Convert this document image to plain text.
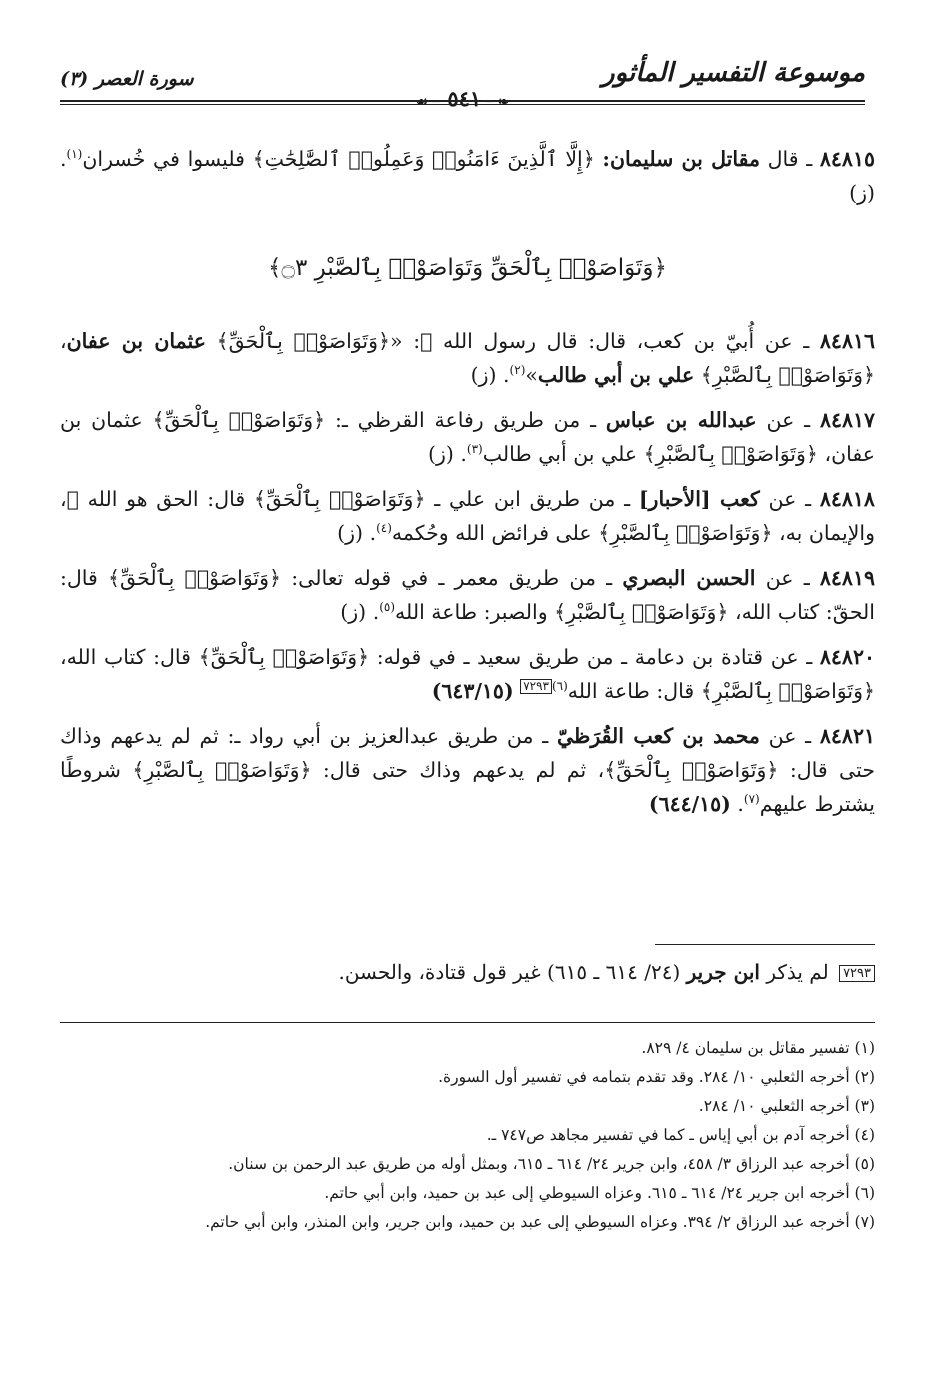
موسوعة التفسير المأثور
❧ ─ ٥٤١ ─ ☙
سورة العصر (٣)

٨٤٨١٥ ـ قال مقاتل بن سليمان: ﴿إِلَّا ٱلَّذِينَ ءَامَنُوا۟ وَعَمِلُوا۟ ٱلصَّٰلِحَٰتِ﴾ فليسوا في خُسران$^{(١)}$. (ز)

﴿وَتَوَاصَوْا۟ بِٱلْحَقِّ وَتَوَاصَوْا۟ بِٱلصَّبْرِ ۝٣﴾

٨٤٨١٦ ـ عن أُبيّ بن كعب، قال: قال رسول الله ﷺ: «﴿وَتَوَاصَوْا۟ بِٱلْحَقِّ﴾ عثمان بن عفان، ﴿وَتَوَاصَوْا۟ بِٱلصَّبْرِ﴾ علي بن أبي طالب»$^{(٢)}$. (ز)

٨٤٨١٧ ـ عن عبدالله بن عباس ـ من طريق رفاعة القرظي ـ: ﴿وَتَوَاصَوْا۟ بِٱلْحَقِّ﴾ عثمان بن عفان، ﴿وَتَوَاصَوْا۟ بِٱلصَّبْرِ﴾ علي بن أبي طالب$^{(٣)}$. (ز)

٨٤٨١٨ ـ عن كعب [الأحبار] ـ من طريق ابن علي ـ ﴿وَتَوَاصَوْا۟ بِٱلْحَقِّ﴾ قال: الحق هو الله ﷻ، والإيمان به، ﴿وَتَوَاصَوْا۟ بِٱلصَّبْرِ﴾ على فرائض الله وحُكمه$^{(٤)}$. (ز)

٨٤٨١٩ ـ عن الحسن البصري ـ من طريق معمر ـ في قوله تعالى: ﴿وَتَوَاصَوْا۟ بِٱلْحَقِّ﴾ قال: الحقّ: كتاب الله، ﴿وَتَوَاصَوْا۟ بِٱلصَّبْرِ﴾ والصبر: طاعة الله$^{(٥)}$. (ز)

٨٤٨٢٠ ـ عن قتادة بن دعامة ـ من طريق سعيد ـ في قوله: ﴿وَتَوَاصَوْا۟ بِٱلْحَقِّ﴾ قال: كتاب الله، ﴿وَتَوَاصَوْا۟ بِٱلصَّبْرِ﴾ قال: طاعة الله$^{(٦)}$٧٢٩٣ (٦٤٣/١٥)

٨٤٨٢١ ـ عن محمد بن كعب القُرَظيّ ـ من طريق عبدالعزيز بن أبي رواد ـ: ثم لم يدعهم وذاك حتى قال: ﴿وَتَوَاصَوْا۟ بِٱلْحَقِّ﴾، ثم لم يدعهم وذاك حتى قال: ﴿وَتَوَاصَوْا۟ بِٱلصَّبْرِ﴾ شروطًا يشترط عليهم$^{(٧)}$. (٦٤٤/١٥)

٧٢٩٣ لم يذكر ابن جرير (٢٤/ ٦١٤ ـ ٦١٥) غير قول قتادة، والحسن.

(١) تفسير مقاتل بن سليمان ٤/ ٨٢٩.

(٢) أخرجه الثعلبي ١٠/ ٢٨٤. وقد تقدم بتمامه في تفسير أول السورة.

(٣) أخرجه الثعلبي ١٠/ ٢٨٤.

(٤) أخرجه آدم بن أبي إياس ـ كما في تفسير مجاهد ص٧٤٧ ـ.

(٥) أخرجه عبد الرزاق ٣/ ٤٥٨، وابن جرير ٢٤/ ٦١٤ ـ ٦١٥، وبمثل أوله من طريق عبد الرحمن بن سنان.

(٦) أخرجه ابن جرير ٢٤/ ٦١٤ ـ ٦١٥. وعزاه السيوطي إلى عبد بن حميد، وابن أبي حاتم.

(٧) أخرجه عبد الرزاق ٢/ ٣٩٤. وعزاه السيوطي إلى عبد بن حميد، وابن جرير، وابن المنذر، وابن أبي حاتم.
